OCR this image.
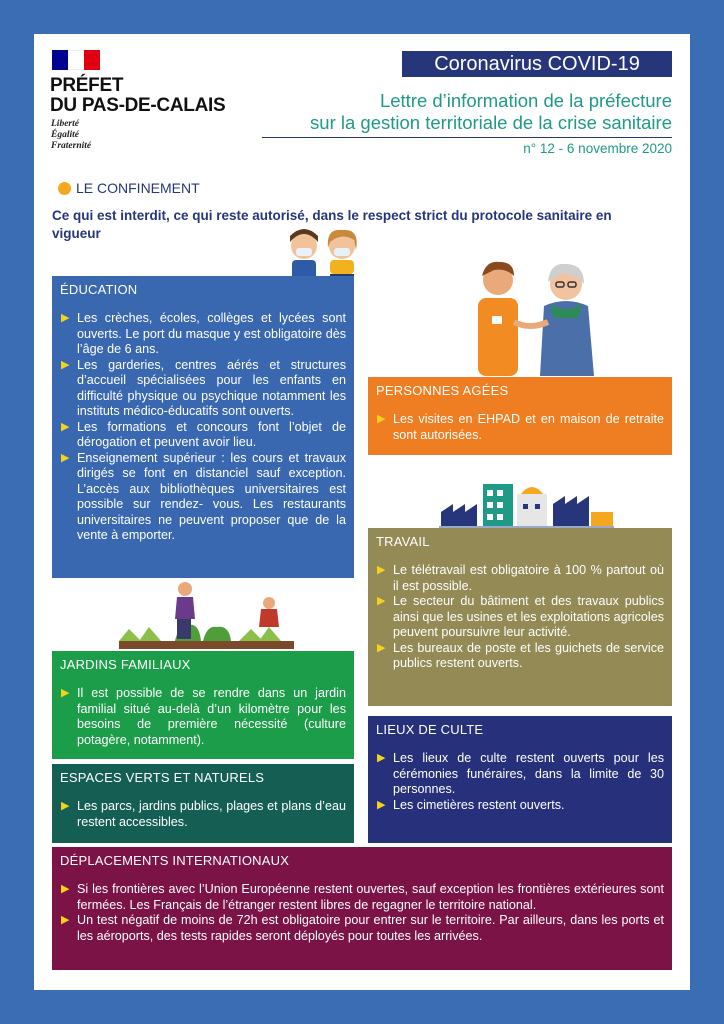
PRÉFET
DU PAS-DE-CALAIS
Liberté
Égalité
Fraternité
Coronavirus COVID-19
Lettre d’information de la préfecture
sur la gestion territoriale de la crise sanitaire
n° 12 - 6 novembre 2020
LE CONFINEMENT
Ce qui est interdit, ce qui reste autorisé, dans le respect strict du protocole sanitaire en vigueur
ÉDUCATION
▶ Les crèches, écoles, collèges et lycées sont ouverts. Le port du masque y est obligatoire dès l’âge de 6 ans.
▶ Les garderies, centres aérés et structures d’accueil spécialisées pour les enfants en difficulté physique ou psychique notamment les instituts médico-éducatifs sont ouverts.
▶ Les formations et concours font l’objet de dérogation et peuvent avoir lieu.
▶ Enseignement supérieur : les cours et travaux dirigés se font en distanciel sauf exception. L’accès aux bibliothèques universitaires est possible sur rendez- vous. Les restaurants universitaires ne peuvent proposer que de la vente à emporter.
PERSONNES AGÉES
▶ Les visites en EHPAD et en maison de retraite sont autorisées.
TRAVAIL
▶ Le télétravail est obligatoire à 100 % partout où il est possible.
▶ Le secteur du bâtiment et des travaux publics ainsi que les usines et les exploitations agricoles peuvent poursuivre leur activité.
▶ Les bureaux de poste et les guichets de service publics restent ouverts.
JARDINS FAMILIAUX
▶ Il est possible de se rendre dans un jardin familial situé au-delà d’un kilomètre pour les besoins de première nécessité (culture potagère, notamment).
ESPACES VERTS ET NATURELS
▶ Les parcs, jardins publics, plages et plans d’eau restent accessibles.
LIEUX DE CULTE
▶ Les lieux de culte restent ouverts pour les cérémonies funéraires, dans la limite de 30 personnes.
▶ Les cimetières restent ouverts.
DÉPLACEMENTS INTERNATIONAUX
▶ Si les frontières avec l’Union Européenne restent ouvertes, sauf exception les frontières extérieures sont fermées. Les Français de l’étranger restent libres de regagner le territoire national.
▶ Un test négatif de moins de 72h est obligatoire pour entrer sur le territoire. Par ailleurs, dans les ports et les aéroports, des tests rapides seront déployés pour toutes les arrivées.
